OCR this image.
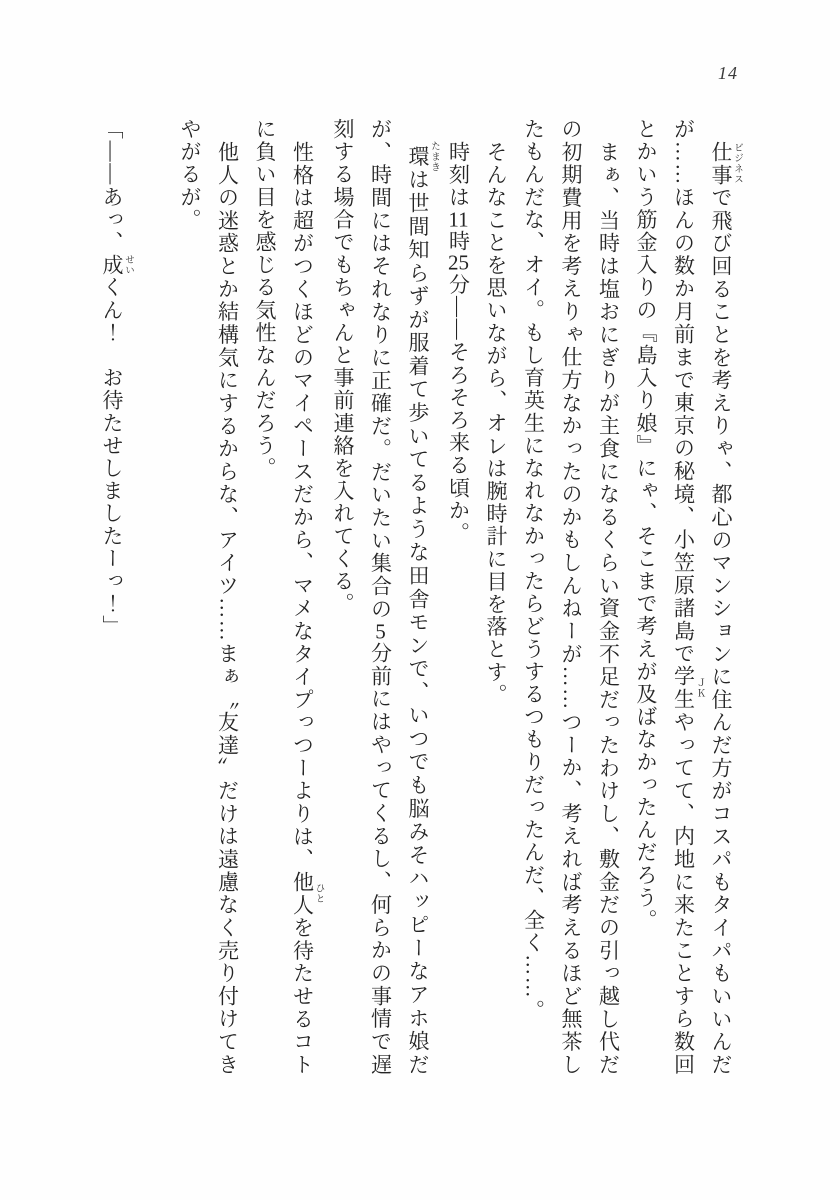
14

仕事 ビジネスで飛び回ることを考えりゃ、都心のマンションに住んだ方がコスパもタイパもいいんだが……ほんの数か月前まで東京の秘境、小笠原諸島で学生 ＪＫやってて、内地に来たことすら数回とかいう筋金入りの『島入り娘』にゃ、そこまで考えが及ばなかったんだろう。

まぁ、当時は塩おにぎりが主食になるくらい資金不足だったわけし、敷金だの引っ越し代だの初期費用を考えりゃ仕方なかったのかもしんねーが……つーか、考えれば考えるほど無茶したもんだな、オイ。もし育英生になれなかったらどうするつもりだったんだ、全く……。

そんなことを思いながら、オレは腕時計に目を落とす。

時刻は11時25分――そろそろ来る頃か。

環 たまきは世間知らずが服着て歩いてるような田舎モンで、いつでも脳みそハッピーなアホ娘だが、時間にはそれなりに正確だ。だいたい集合の5分前にはやってくるし、何らかの事情で遅刻する場合でもちゃんと事前連絡を入れてくる。

性格は超がつくほどのマイペースだから、マメなタイプっつーよりは、他人 ひとを待たせるコトに負い目を感じる気性なんだろう。

他人の迷惑とか結構気にするからな、アイツ……まぁ〝友達〟だけは遠慮なく売り付けてきやがるが。

「――あっ、成 せいくん！　お待たせしましたーっ！」
